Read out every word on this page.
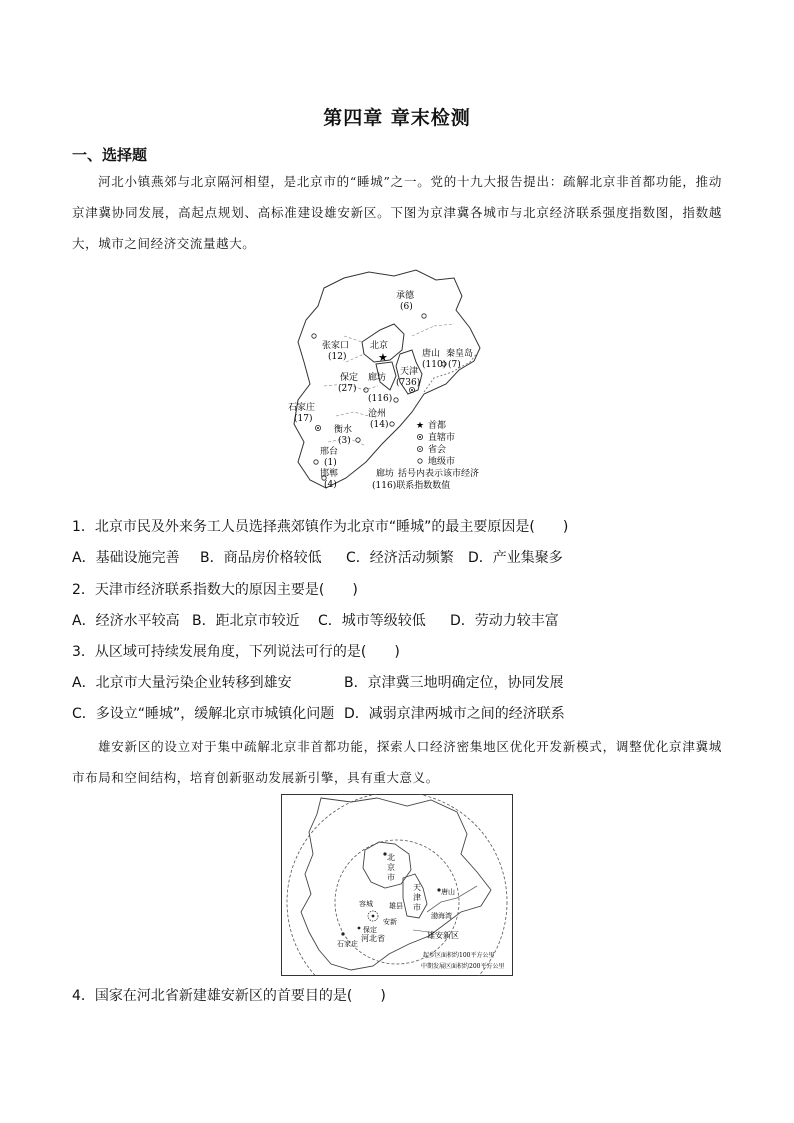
第四章 章末检测
一、选择题
河北小镇燕郊与北京隔河相望，是北京市的“睡城”之一。党的十九大报告提出：疏解北京非首都功能，推动京津冀协同发展，高起点规划、高标准建设雄安新区。下图为京津冀各城市与北京经济联系强度指数图，指数越大，城市之间经济交流量越大。
承德
(6)
张家口
(12)
北京
★	唐山
(110)
秦皇岛
(7)
天津
(736)
保定
(27)
廊坊
(116)
石家庄
(17)	沧州
(14)
衡水
(3)
邢台
(1)
邯郸
(4)
★ 首都
直辖市
省会
地级市
廊坊 括号内表示该市经济
(116)联系指数数值
1．北京市民及外来务工人员选择燕郊镇作为北京市“睡城”的最主要原因是(　　)
A．基础设施完善 B．商品房价格较低 C．经济活动频繁 D．产业集聚多
2．天津市经济联系指数大的原因主要是(　　)
A．经济水平较高 B．距北京市较近 C．城市等级较低 D．劳动力较丰富
3．从区域可持续发展角度，下列说法可行的是(　　)
A．北京市大量污染企业转移到雄安	B．京津冀三地明确定位，协同发展
C．多设立“睡城”，缓解北京市城镇化问题 D．减弱京津两城市之间的经济联系
雄安新区的设立对于集中疏解北京非首都功能，探索人口经济密集地区优化开发新模式，调整优化京津冀城市布局和空间结构，培育创新驱动发展新引擎，具有重大意义。
北
京
市
天
津
市
唐山
渤海湾
容城 雄县
安新
保定
河北省
石家庄
雄安新区
起步区面积约100平方公里
中期发展区面积约200平方公里
4．国家在河北省新建雄安新区的首要目的是(　　)
